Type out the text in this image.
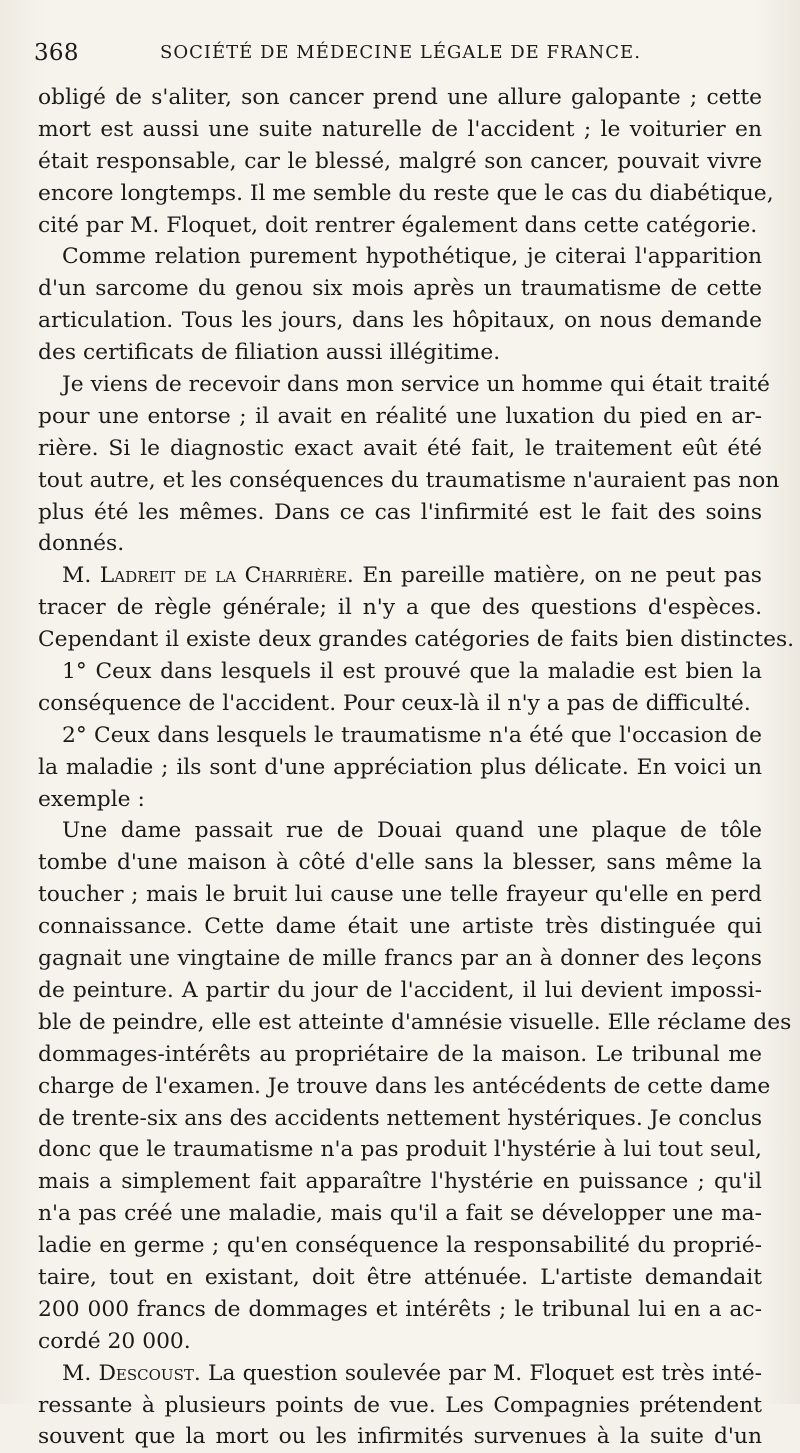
368	SOCIÉTÉ DE MÉDECINE LÉGALE DE FRANCE.
obligé de s'aliter, son cancer prend une allure galopante ; cette
mort est aussi une suite naturelle de l'accident ; le voiturier en
était responsable, car le blessé, malgré son cancer, pouvait vivre
encore longtemps. Il me semble du reste que le cas du diabétique,
cité par M. Floquet, doit rentrer également dans cette catégorie.
Comme relation purement hypothétique, je citerai l'apparition
d'un sarcome du genou six mois après un traumatisme de cette
articulation. Tous les jours, dans les hôpitaux, on nous demande
des certificats de filiation aussi illégitime.
Je viens de recevoir dans mon service un homme qui était traité
pour une entorse ; il avait en réalité une luxation du pied en ar-
rière. Si le diagnostic exact avait été fait, le traitement eût été
tout autre, et les conséquences du traumatisme n'auraient pas non
plus été les mêmes. Dans ce cas l'infirmité est le fait des soins
donnés.
M. Ladreit de la Charrière. En pareille matière, on ne peut pas
tracer de règle générale; il n'y a que des questions d'espèces.
Cependant il existe deux grandes catégories de faits bien distinctes.
1° Ceux dans lesquels il est prouvé que la maladie est bien la
conséquence de l'accident. Pour ceux-là il n'y a pas de difficulté.
2° Ceux dans lesquels le traumatisme n'a été que l'occasion de
la maladie ; ils sont d'une appréciation plus délicate. En voici un
exemple :
Une dame passait rue de Douai quand une plaque de tôle
tombe d'une maison à côté d'elle sans la blesser, sans même la
toucher ; mais le bruit lui cause une telle frayeur qu'elle en perd
connaissance. Cette dame était une artiste très distinguée qui
gagnait une vingtaine de mille francs par an à donner des leçons
de peinture. A partir du jour de l'accident, il lui devient impossi-
ble de peindre, elle est atteinte d'amnésie visuelle. Elle réclame des
dommages-intérêts au propriétaire de la maison. Le tribunal me
charge de l'examen. Je trouve dans les antécédents de cette dame
de trente-six ans des accidents nettement hystériques. Je conclus
donc que le traumatisme n'a pas produit l'hystérie à lui tout seul,
mais a simplement fait apparaître l'hystérie en puissance ; qu'il
n'a pas créé une maladie, mais qu'il a fait se développer une ma-
ladie en germe ; qu'en conséquence la responsabilité du proprié-
taire, tout en existant, doit être atténuée. L'artiste demandait
200 000 francs de dommages et intérêts ; le tribunal lui en a ac-
cordé 20 000.
M. Descoust. La question soulevée par M. Floquet est très inté-
ressante à plusieurs points de vue. Les Compagnies prétendent
souvent que la mort ou les infirmités survenues à la suite d'un
